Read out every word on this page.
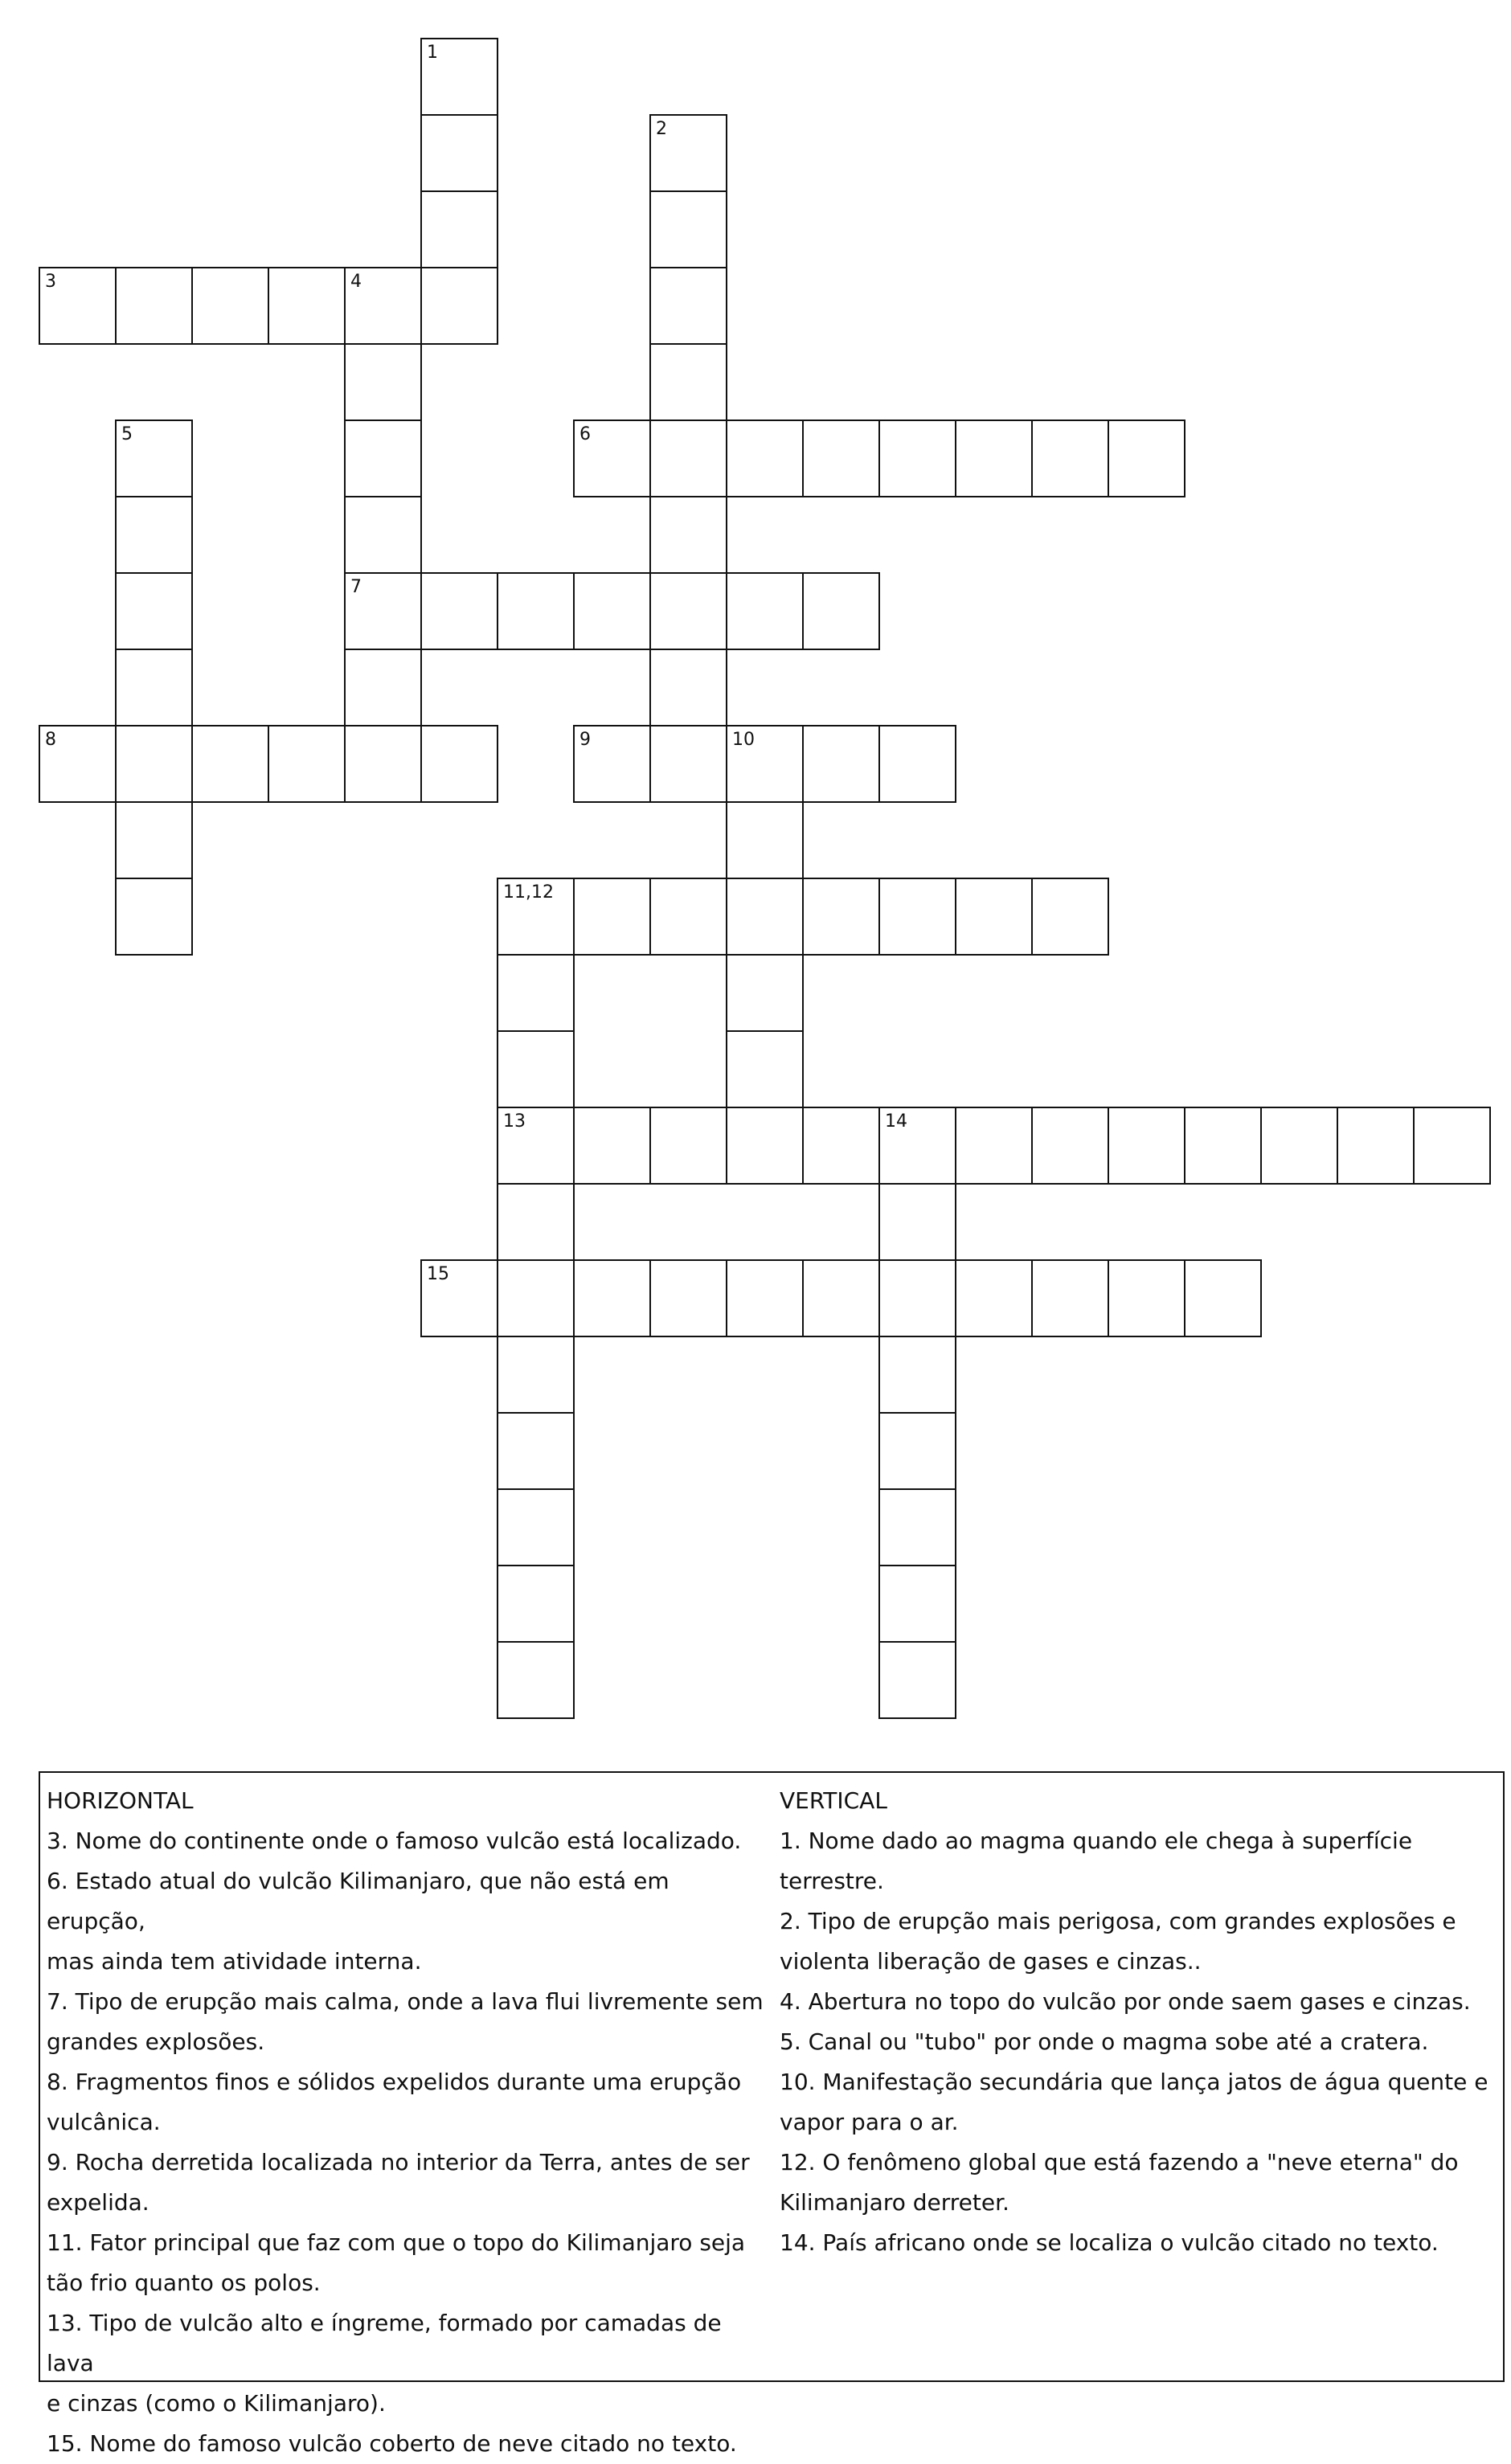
1
2
3	4
7
5	6
8	9	10
11,12
13	14
15
HORIZONTAL
3. Nome do continente onde o famoso vulcão está localizado.
6. Estado atual do vulcão Kilimanjaro, que não está em erupção,
mas ainda tem atividade interna.
7. Tipo de erupção mais calma, onde a lava flui livremente sem
grandes explosões.
8. Fragmentos finos e sólidos expelidos durante uma erupção
vulcânica.
9. Rocha derretida localizada no interior da Terra, antes de ser
expelida.
11. Fator principal que faz com que o topo do Kilimanjaro seja
tão frio quanto os polos.
13. Tipo de vulcão alto e íngreme, formado por camadas de lava
e cinzas (como o Kilimanjaro).
15. Nome do famoso vulcão coberto de neve citado no texto.
VERTICAL
1. Nome dado ao magma quando ele chega à superfície terrestre.
2. Tipo de erupção mais perigosa, com grandes explosões e
violenta liberação de gases e cinzas..
4. Abertura no topo do vulcão por onde saem gases e cinzas.
5. Canal ou "tubo" por onde o magma sobe até a cratera.
10. Manifestação secundária que lança jatos de água quente e
vapor para o ar.
12. O fenômeno global que está fazendo a "neve eterna" do
Kilimanjaro derreter.
14. País africano onde se localiza o vulcão citado no texto.
